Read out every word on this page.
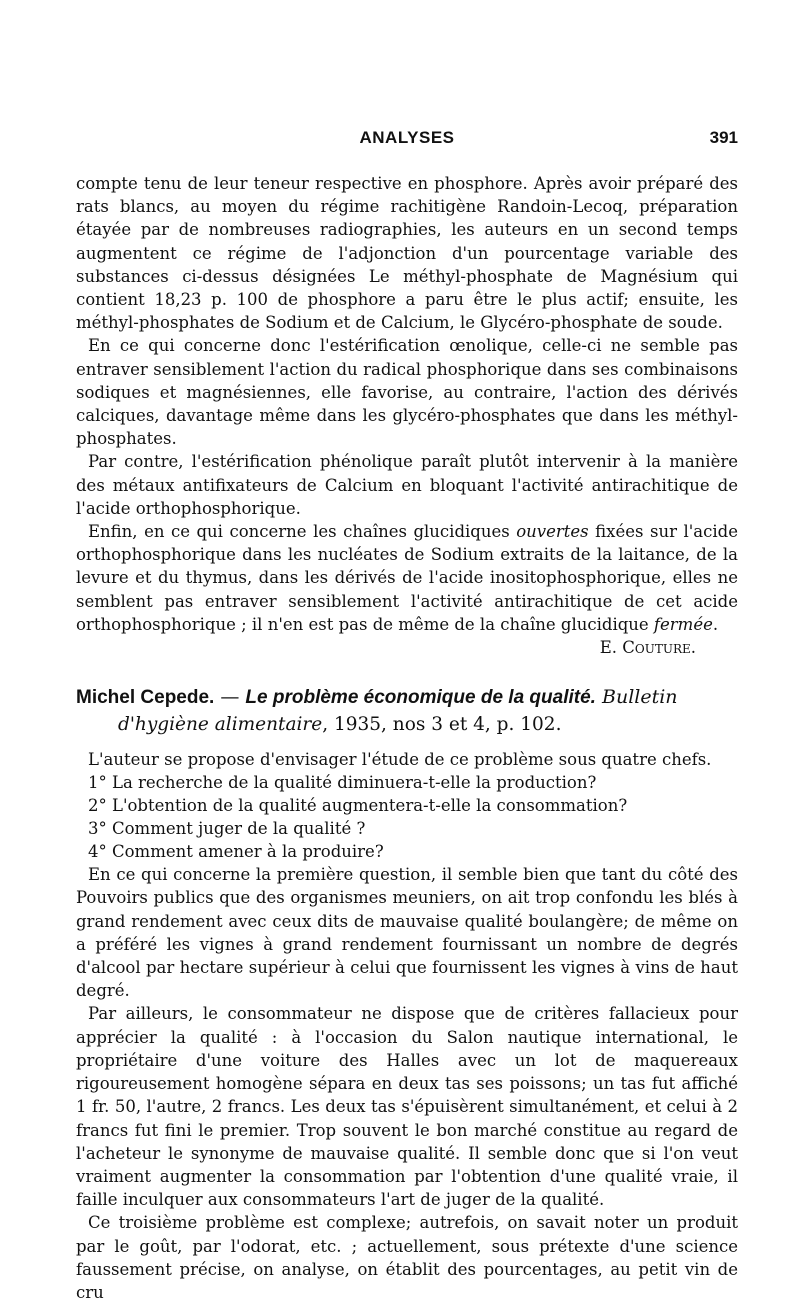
ANALYSES	391

compte tenu de leur teneur respective en phosphore. Après avoir préparé des rats blancs, au moyen du régime rachitigène Randoin-Lecoq, préparation étayée par de nombreuses radiographies, les auteurs en un second temps augmentent ce régime de l'adjonction d'un pourcentage variable des substances ci-dessus désignées Le méthyl-phosphate de Magnésium qui contient 18,23 p. 100 de phosphore a paru être le plus actif; ensuite, les méthyl-phosphates de Sodium et de Calcium, le Glycéro-phosphate de soude.

En ce qui concerne donc l'estérification œnolique, celle-ci ne semble pas entraver sensiblement l'action du radical phosphorique dans ses combinaisons sodiques et magnésiennes, elle favorise, au contraire, l'action des dérivés calciques, davantage même dans les glycéro-phosphates que dans les méthyl-phosphates.

Par contre, l'estérification phénolique paraît plutôt intervenir à la manière des métaux antifixateurs de Calcium en bloquant l'activité antirachitique de l'acide orthophosphorique.

Enfin, en ce qui concerne les chaînes glucidiques ouvertes fixées sur l'acide orthophosphorique dans les nucléates de Sodium extraits de la laitance, de la levure et du thymus, dans les dérivés de l'acide inositophosphorique, elles ne semblent pas entraver sensiblement l'activité antirachitique de cet acide orthophosphorique ; il n'en est pas de même de la chaîne glucidique fermée.

E. Couture.
Michel Cepede. — Le problème économique de la qualité. Bulletin
d'hygiène alimentaire, 1935, nos 3 et 4, p. 102.

L'auteur se propose d'envisager l'étude de ce problème sous quatre chefs.

1° La recherche de la qualité diminuera-t-elle la production?

2° L'obtention de la qualité augmentera-t-elle la consommation?

3° Comment juger de la qualité ?

4° Comment amener à la produire?

En ce qui concerne la première question, il semble bien que tant du côté des Pouvoirs publics que des organismes meuniers, on ait trop confondu les blés à grand rendement avec ceux dits de mauvaise qualité boulangère; de même on a préféré les vignes à grand rendement fournissant un nombre de degrés d'alcool par hectare supérieur à celui que fournissent les vignes à vins de haut degré.

Par ailleurs, le consommateur ne dispose que de critères fallacieux pour apprécier la qualité : à l'occasion du Salon nautique international, le propriétaire d'une voiture des Halles avec un lot de maquereaux rigoureusement homogène sépara en deux tas ses poissons; un tas fut affiché 1 fr. 50, l'autre, 2 francs. Les deux tas s'épuisèrent simultanément, et celui à 2 francs fut fini le premier. Trop souvent le bon marché constitue au regard de l'acheteur le synonyme de mauvaise qualité. Il semble donc que si l'on veut vraiment augmenter la consommation par l'obtention d'une qualité vraie, il faille inculquer aux consommateurs l'art de juger de la qualité.

Ce troisième problème est complexe; autrefois, on savait noter un produit par le goût, par l'odorat, etc. ; actuellement, sous prétexte d'une science faussement précise, on analyse, on établit des pourcentages, au petit vin de cru
